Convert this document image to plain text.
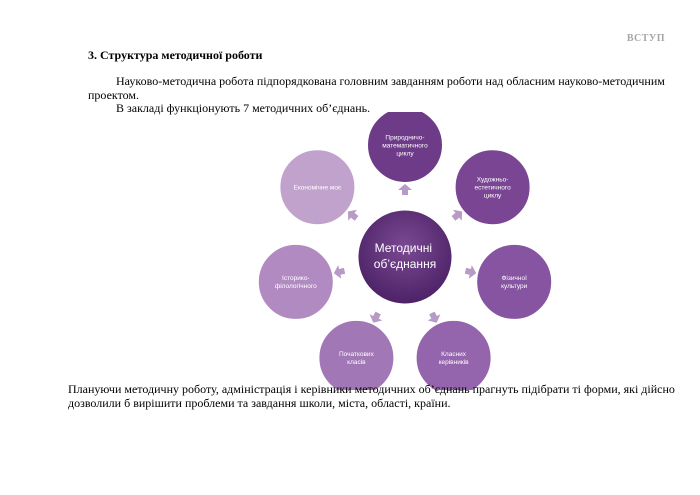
ВСТУП
3. Структура методичної роботи

Науково-методична робота підпорядкована головним завданням роботи над обласним науково-методичним проектом.

В закладі функціонують 7 методичних об’єднань.

Природничо-математичного циклу
Художньо-естетичного циклу
Фізичної культури
Класних керівників
Початкових класів
Історико-філологічного
Економічне моє
Методичні об’єднання

Плануючи методичну роботу, адміністрація і керівники методичних об’єднань прагнуть підібрати ті форми, які дійсно дозволили б вирішити проблеми та завдання школи, міста, області, країни.
